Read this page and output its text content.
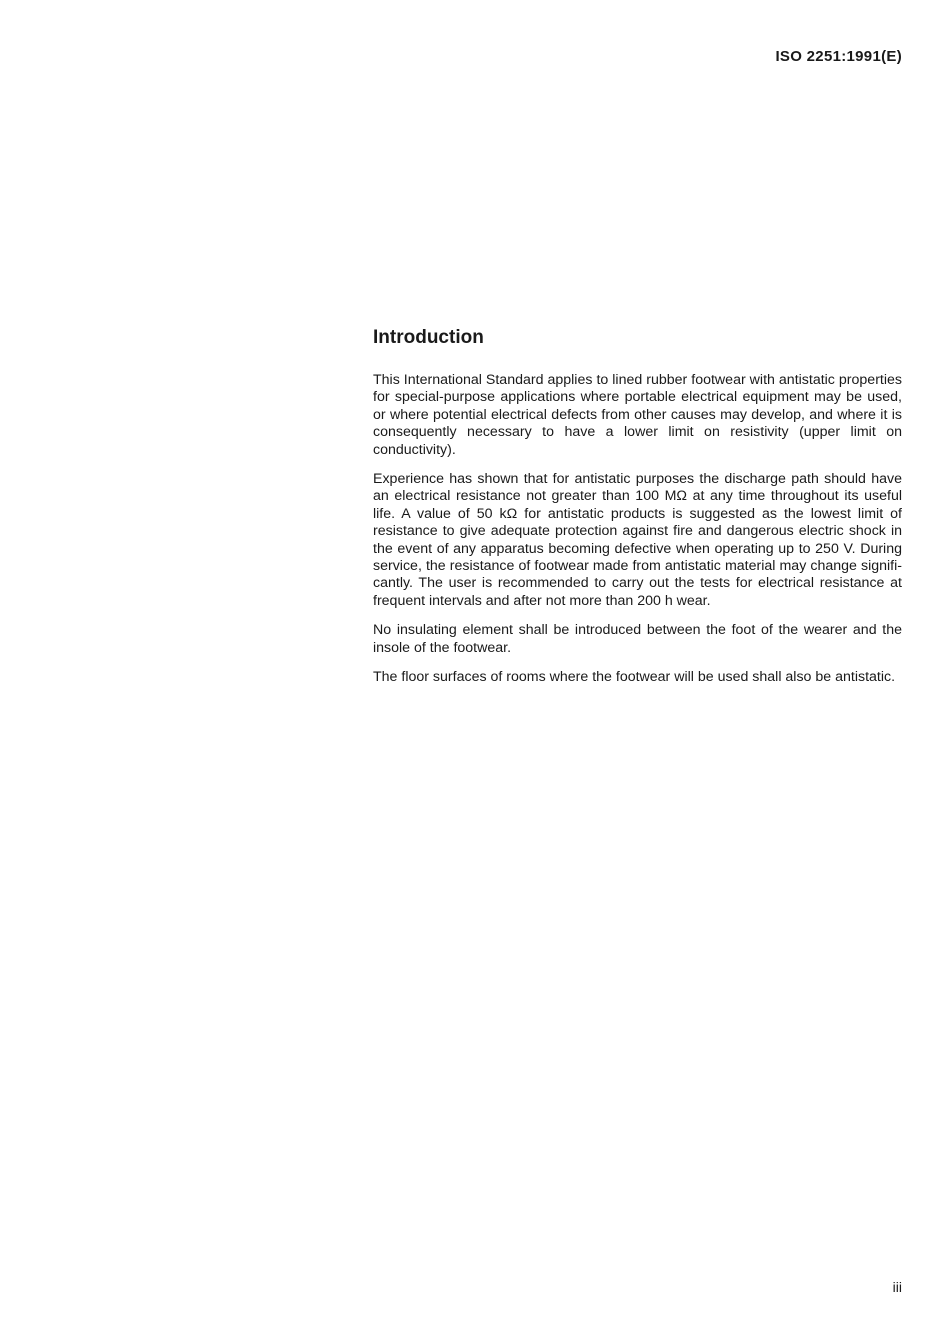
ISO 2251:1991(E)
Introduction

This International Standard applies to lined rubber footwear with antistatic properties for special-purpose applications where portable electrical equipment may be used, or where potential electrical defects from other causes may develop, and where it is consequently necessary to have a lower limit on resistivity (upper limit on conductivity).

Experience has shown that for antistatic purposes the discharge path should have an electrical resistance not greater than 100 MΩ at any time throughout its useful life. A value of 50 kΩ for antistatic products is suggested as the lowest limit of resistance to give adequate protection against fire and dangerous electric shock in the event of any apparatus becoming defective when operating up to 250 V. During service, the resistance of footwear made from antistatic material may change significantly. The user is recommended to carry out the tests for electrical resistance at frequent intervals and after not more than 200 h wear.

No insulating element shall be introduced between the foot of the wearer and the insole of the footwear.

The floor surfaces of rooms where the footwear will be used shall also be antistatic.

iii
